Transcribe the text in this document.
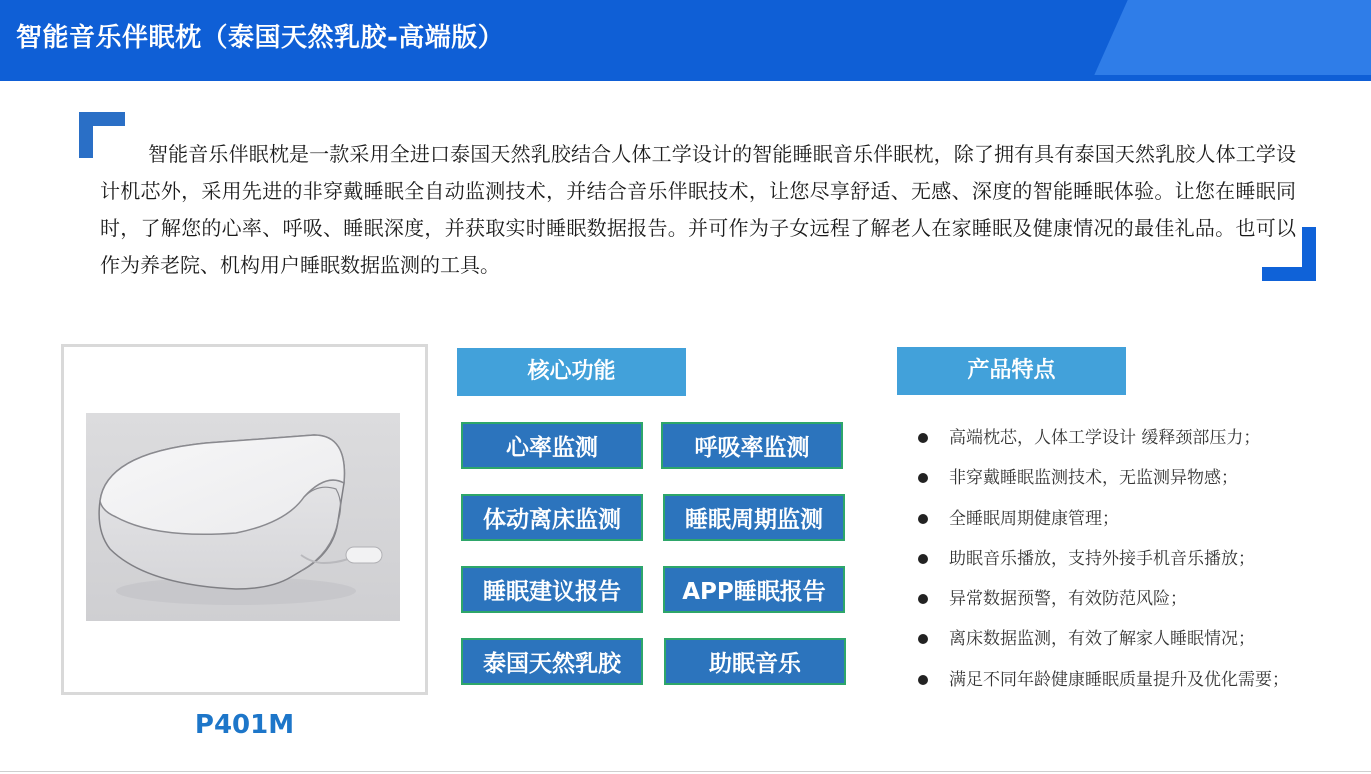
智能音乐伴眠枕（泰国天然乳胶-高端版）
智能音乐伴眠枕是一款采用全进口泰国天然乳胶结合人体工学设计的智能睡眠音乐伴眠枕，除了拥有具有泰国天然乳胶人体工学设计机芯外，采用先进的非穿戴睡眠全自动监测技术，并结合音乐伴眠技术，让您尽享舒适、无感、深度的智能睡眠体验。让您在睡眠同时，了解您的心率、呼吸、睡眠深度，并获取实时睡眠数据报告。并可作为子女远程了解老人在家睡眠及健康情况的最佳礼品。也可以作为养老院、机构用户睡眠数据监测的工具。
P401M
核心功能	产品特点
心率监测	呼吸率监测
体动离床监测	睡眠周期监测
睡眠建议报告	APP睡眠报告
泰国天然乳胶	助眠音乐
高端枕芯，人体工学设计 缓释颈部压力；
非穿戴睡眠监测技术，无监测异物感；
全睡眠周期健康管理；
助眠音乐播放，支持外接手机音乐播放；
异常数据预警，有效防范风险；
离床数据监测，有效了解家人睡眠情况；
满足不同年龄健康睡眠质量提升及优化需要；
